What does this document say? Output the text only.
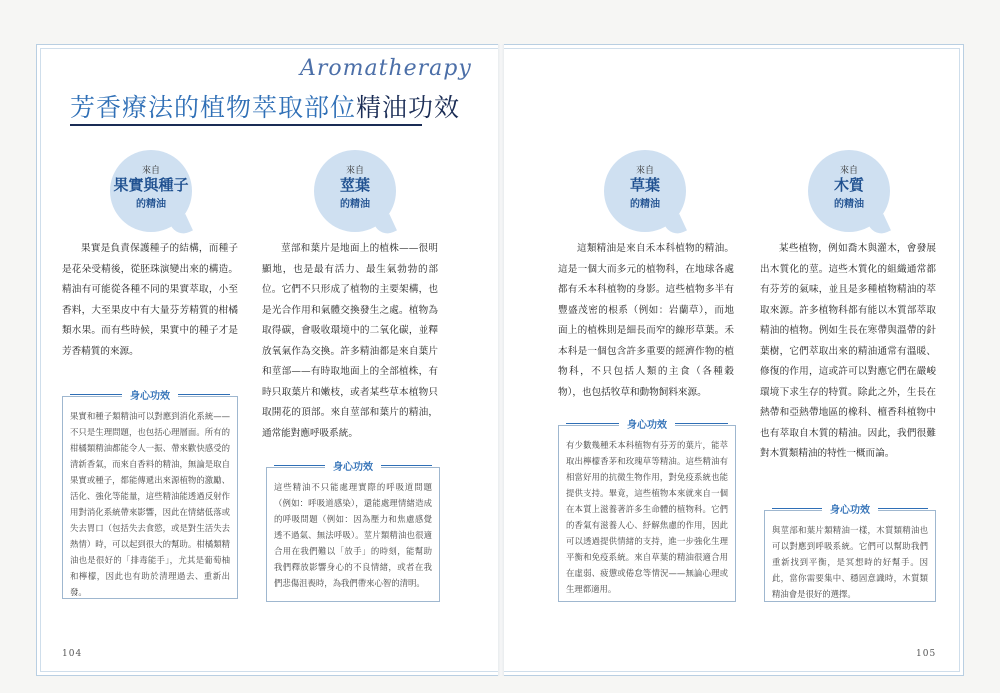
Aromatherapy
芳香療法的植物萃取部位精油功效
來自
果實與種子
的精油
果實是負責保護種子的結構，而種子是花朵受精後，從胚珠演變出來的構造。精油有可能從各種不同的果實萃取，小至香料，大至果皮中有大量芬芳精質的柑橘類水果。而有些時候，果實中的種子才是芳香精質的來源。
身心功效
果實和種子類精油可以對應到消化系統——不只是生理問題，也包括心理層面。所有的柑橘類精油都能令人一振、帶來歡快感受的清新香氣，而來自香料的精油，無論是取自果實或種子，都能傳遞出來源植物的激勵、活化、強化等能量，這些精油能透過反射作用對消化系統帶來影響，因此在情緒低落或失去胃口（包括失去食慾，或是對生活失去熱情）時，可以起到很大的幫助。柑橘類精油也是很好的「排毒能手」，尤其是葡萄柚和檸檬，因此也有助於清理過去、重新出發。
來自
莖葉
的精油
莖部和葉片是地面上的植株——很明顯地，也是最有活力、最生氣勃勃的部位。它們不只形成了植物的主要架構，也是光合作用和氣體交換發生之處。植物為取得碳，會吸收環境中的二氧化碳，並釋放氧氣作為交換。許多精油都是來自葉片和莖部——有時取地面上的全部植株，有時只取葉片和嫩枝，或者某些草本植物只取開花的頂部。來自莖部和葉片的精油，通常能對應呼吸系統。
身心功效
這些精油不只能處理實際的呼吸道問題（例如：呼吸道感染），還能處理情緒造成的呼吸問題（例如：因為壓力和焦慮感覺透不過氣、無法呼吸）。莖片類精油也很適合用在我們難以「放手」的時刻，能幫助我們釋放影響身心的不良情緒，或者在我們悲傷沮喪時，為我們帶來心智的清明。
來自
草葉
的精油
這類精油是來自禾本科植物的精油。這是一個大而多元的植物科，在地球各處都有禾本科植物的身影。這些植物多半有豐盛茂密的根系（例如：岩蘭草），而地面上的植株則是細長而窄的線形草葉。禾本科是一個包含許多重要的經濟作物的植物科，不只包括人類的主食（各種穀物），也包括牧草和動物飼料來源。
身心功效
有少數幾種禾本科植物有芬芳的葉片，能萃取出檸檬香茅和玫瑰草等精油。這些精油有相當好用的抗微生物作用，對免疫系統也能提供支持。畢竟，這些植物本來就來自一個在本質上滋養著許多生命體的植物科。它們的香氣有滋養人心、紓解焦慮的作用，因此可以透過提供情緒的支持，進一步強化生理平衡和免疫系統。來自草葉的精油很適合用在虛弱、疲憊或倦怠等情況——無論心理或生理都適用。
來自
木質
的精油
某些植物，例如喬木與灌木，會發展出木質化的莖。這些木質化的組織通常都有芬芳的氣味，並且是多種植物精油的萃取來源。許多植物科都有能以木質部萃取精油的植物。例如生長在寒帶與溫帶的針葉樹，它們萃取出來的精油通常有溫暖、修復的作用，這或許可以對應它們在嚴峻環境下求生存的特質。除此之外，生長在熱帶和亞熱帶地區的橡科、檀香科植物中也有萃取自木質的精油。因此，我們很難對木質類精油的特性一概而論。
身心功效
與莖部和葉片類精油一樣，木質類精油也可以對應到呼吸系統。它們可以幫助我們重新找到平衡，是冥想時的好幫手。因此，當你需要集中、穩固意識時，木質類精油會是很好的選擇。
104	105
